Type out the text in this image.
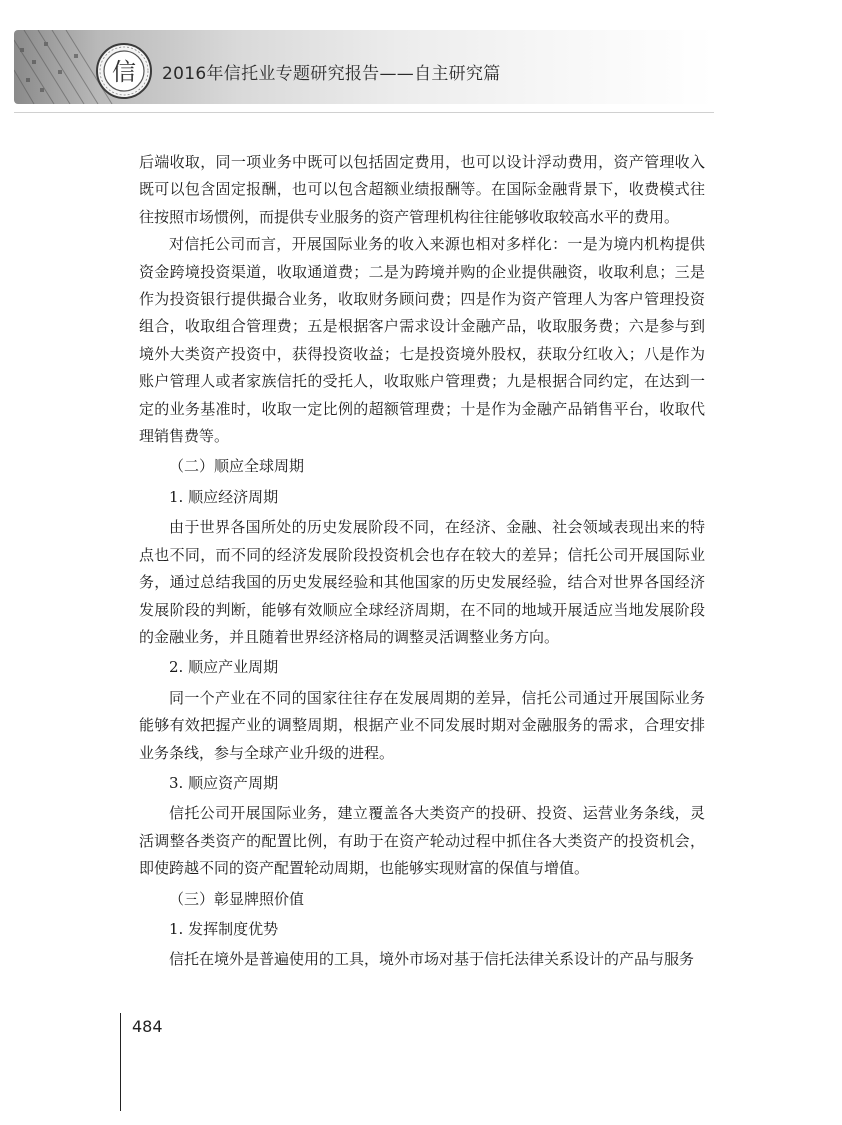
信 2016年信托业专题研究报告——自主研究篇

后端收取，同一项业务中既可以包括固定费用，也可以设计浮动费用，资产管理收入既可以包含固定报酬，也可以包含超额业绩报酬等。在国际金融背景下，收费模式往往按照市场惯例，而提供专业服务的资产管理机构往往能够收取较高水平的费用。

对信托公司而言，开展国际业务的收入来源也相对多样化：一是为境内机构提供资金跨境投资渠道，收取通道费；二是为跨境并购的企业提供融资，收取利息；三是作为投资银行提供撮合业务，收取财务顾问费；四是作为资产管理人为客户管理投资组合，收取组合管理费；五是根据客户需求设计金融产品，收取服务费；六是参与到境外大类资产投资中，获得投资收益；七是投资境外股权，获取分红收入；八是作为账户管理人或者家族信托的受托人，收取账户管理费；九是根据合同约定，在达到一定的业务基准时，收取一定比例的超额管理费；十是作为金融产品销售平台，收取代理销售费等。

（二）顺应全球周期

1. 顺应经济周期

由于世界各国所处的历史发展阶段不同，在经济、金融、社会领域表现出来的特点也不同，而不同的经济发展阶段投资机会也存在较大的差异；信托公司开展国际业务，通过总结我国的历史发展经验和其他国家的历史发展经验，结合对世界各国经济发展阶段的判断，能够有效顺应全球经济周期，在不同的地域开展适应当地发展阶段的金融业务，并且随着世界经济格局的调整灵活调整业务方向。

2. 顺应产业周期

同一个产业在不同的国家往往存在发展周期的差异，信托公司通过开展国际业务能够有效把握产业的调整周期，根据产业不同发展时期对金融服务的需求，合理安排业务条线，参与全球产业升级的进程。

3. 顺应资产周期

信托公司开展国际业务，建立覆盖各大类资产的投研、投资、运营业务条线，灵活调整各类资产的配置比例，有助于在资产轮动过程中抓住各大类资产的投资机会，即使跨越不同的资产配置轮动周期，也能够实现财富的保值与增值。

（三）彰显牌照价值

1. 发挥制度优势

信托在境外是普遍使用的工具，境外市场对基于信托法律关系设计的产品与服务

484
